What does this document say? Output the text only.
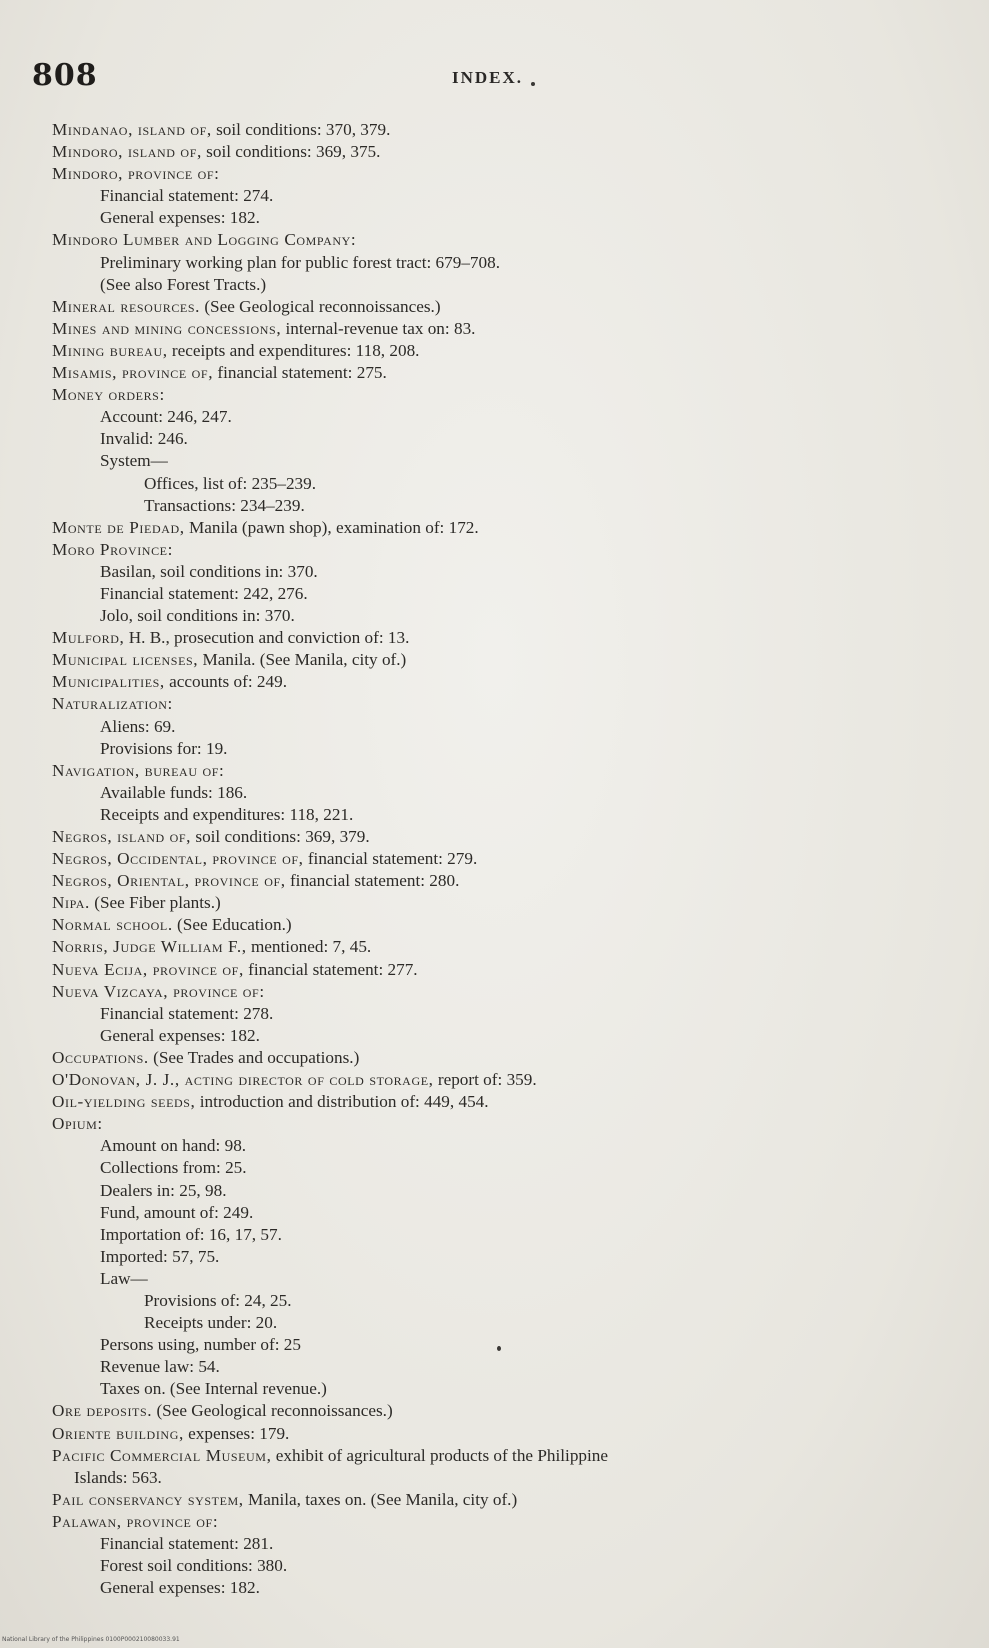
808	INDEX.
Mindanao, island of, soil conditions: 370, 379.
Mindoro, island of, soil conditions: 369, 375.
Mindoro, province of:
Financial statement: 274.
General expenses: 182.
Mindoro Lumber and Logging Company:
Preliminary working plan for public forest tract: 679–708.
(See also Forest Tracts.)
Mineral resources. (See Geological reconnoissances.)
Mines and mining concessions, internal-revenue tax on: 83.
Mining bureau, receipts and expenditures: 118, 208.
Misamis, province of, financial statement: 275.
Money orders:
Account: 246, 247.
Invalid: 246.
System—
Offices, list of: 235–239.
Transactions: 234–239.
Monte de Piedad, Manila (pawn shop), examination of: 172.
Moro Province:
Basilan, soil conditions in: 370.
Financial statement: 242, 276.
Jolo, soil conditions in: 370.
Mulford, H. B., prosecution and conviction of: 13.
Municipal licenses, Manila. (See Manila, city of.)
Municipalities, accounts of: 249.
Naturalization:
Aliens: 69.
Provisions for: 19.
Navigation, bureau of:
Available funds: 186.
Receipts and expenditures: 118, 221.
Negros, island of, soil conditions: 369, 379.
Negros, Occidental, province of, financial statement: 279.
Negros, Oriental, province of, financial statement: 280.
Nipa. (See Fiber plants.)
Normal school. (See Education.)
Norris, Judge William F., mentioned: 7, 45.
Nueva Ecija, province of, financial statement: 277.
Nueva Vizcaya, province of:
Financial statement: 278.
General expenses: 182.
Occupations. (See Trades and occupations.)
O'Donovan, J. J., acting director of cold storage, report of: 359.
Oil-yielding seeds, introduction and distribution of: 449, 454.
Opium:
Amount on hand: 98.
Collections from: 25.
Dealers in: 25, 98.
Fund, amount of: 249.
Importation of: 16, 17, 57.
Imported: 57, 75.
Law—
Provisions of: 24, 25.
Receipts under: 20.
Persons using, number of: 25
Revenue law: 54.
Taxes on. (See Internal revenue.)
Ore deposits. (See Geological reconnoissances.)
Oriente building, expenses: 179.
Pacific Commercial Museum, exhibit of agricultural products of the Philippine
Islands: 563.
Pail conservancy system, Manila, taxes on. (See Manila, city of.)
Palawan, province of:
Financial statement: 281.
Forest soil conditions: 380.
General expenses: 182.
National Library of the Philippines 0100P000210080033.91
